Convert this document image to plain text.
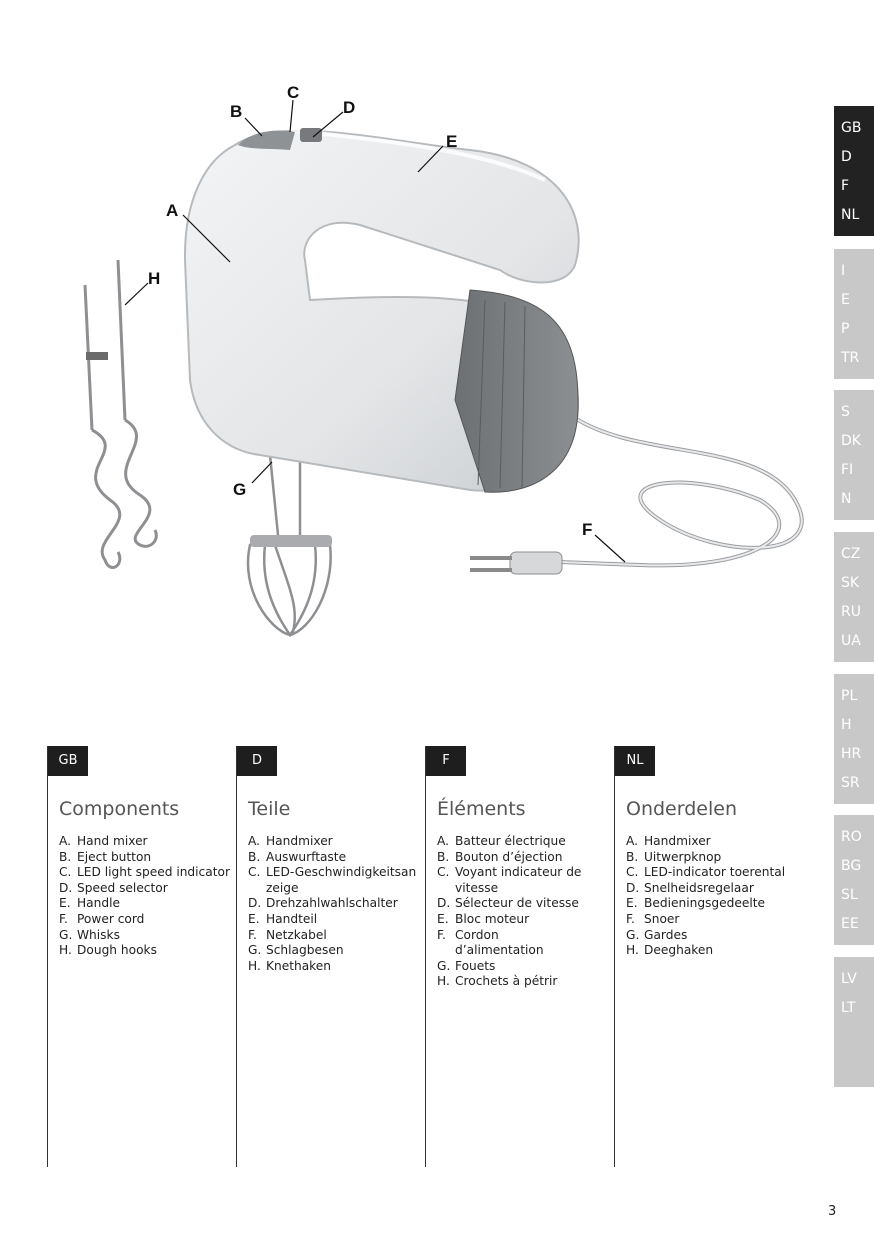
A
B
C
D
E
F
G
H
GB
D
F
NL
I
E
P
TR
S
DK
FI
N
CZ
SK
RU
UA
PL
H
HR
SR
RO
BG
SL
EE
LV
LT
GB
Components
A. Hand mixer
B. Eject button
C. LED light speed indicator
D. Speed selector
E. Handle
F. Power cord
G. Whisks
H. Dough hooks
D
Teile
A. Handmixer
B. Auswurftaste
C. LED-Geschwindigkeitsanzeige
D. Drehzahlwahlschalter
E. Handteil
F. Netzkabel
G. Schlagbesen
H. Knethaken
F
Éléments
A. Batteur électrique
B. Bouton d’éjection
C. Voyant indicateur de vitesse
D. Sélecteur de vitesse
E. Bloc moteur
F. Cordon d’alimentation
G. Fouets
H. Crochets à pétrir
NL
Onderdelen
A. Handmixer
B. Uitwerpknop
C. LED-indicator toerental
D. Snelheidsregelaar
E. Bedieningsgedeelte
F. Snoer
G. Gardes
H. Deeghaken
3
